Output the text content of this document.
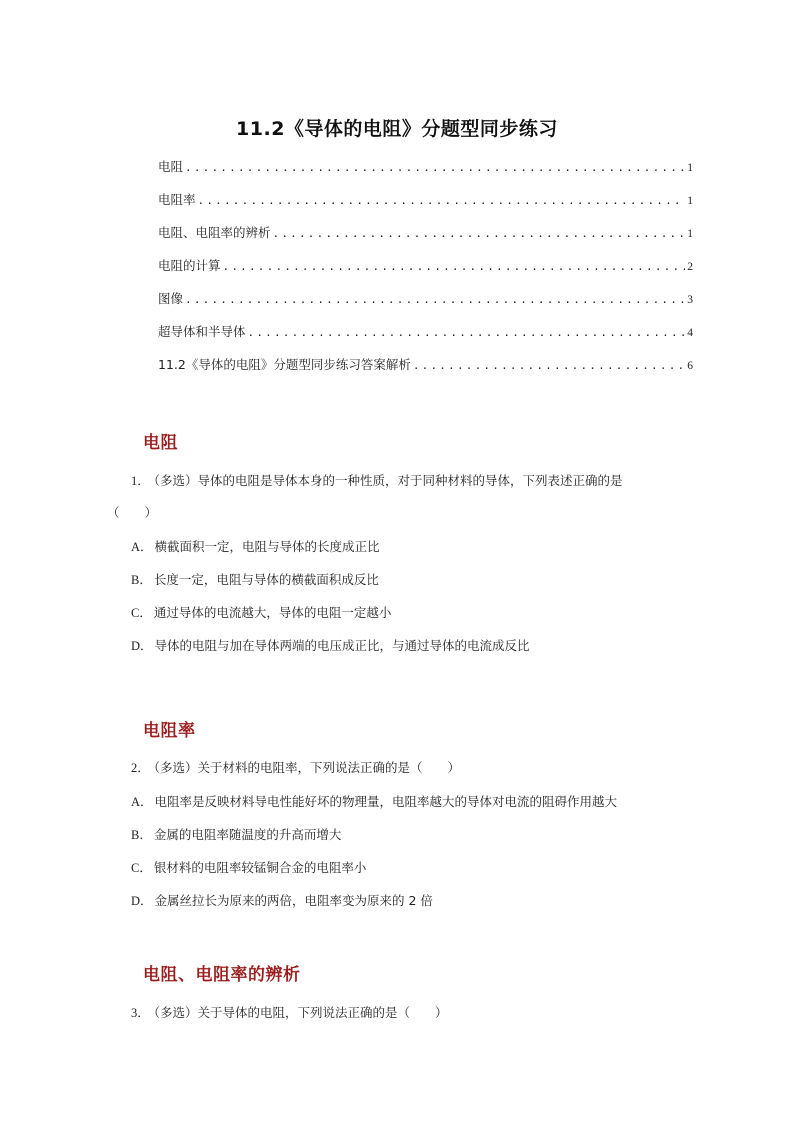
11.2《导体的电阻》分题型同步练习
电阻 .....	1
电阻率 .....	1
电阻、电阻率的辨析 .....	1
电阻的计算 .....	2
图像 .....	3
超导体和半导体 .....	4
11.2《导体的电阻》分题型同步练习答案解析 .....	6
电阻
1． （多选）导体的电阻是导体本身的一种性质，对于同种材料的导体，下列表述正确的是
（　　）
A． 横截面积一定，电阻与导体的长度成正比
B． 长度一定，电阻与导体的横截面积成反比
C． 通过导体的电流越大，导体的电阻一定越小
D． 导体的电阻与加在导体两端的电压成正比，与通过导体的电流成反比
电阻率
2． （多选）关于材料的电阻率，下列说法正确的是（　　）
A． 电阻率是反映材料导电性能好坏的物理量，电阻率越大的导体对电流的阻碍作用越大
B． 金属的电阻率随温度的升高而增大
C． 银材料的电阻率较锰铜合金的电阻率小
D． 金属丝拉长为原来的两倍，电阻率变为原来的 2 倍
电阻、电阻率的辨析
3． （多选）关于导体的电阻，下列说法正确的是（　　）
